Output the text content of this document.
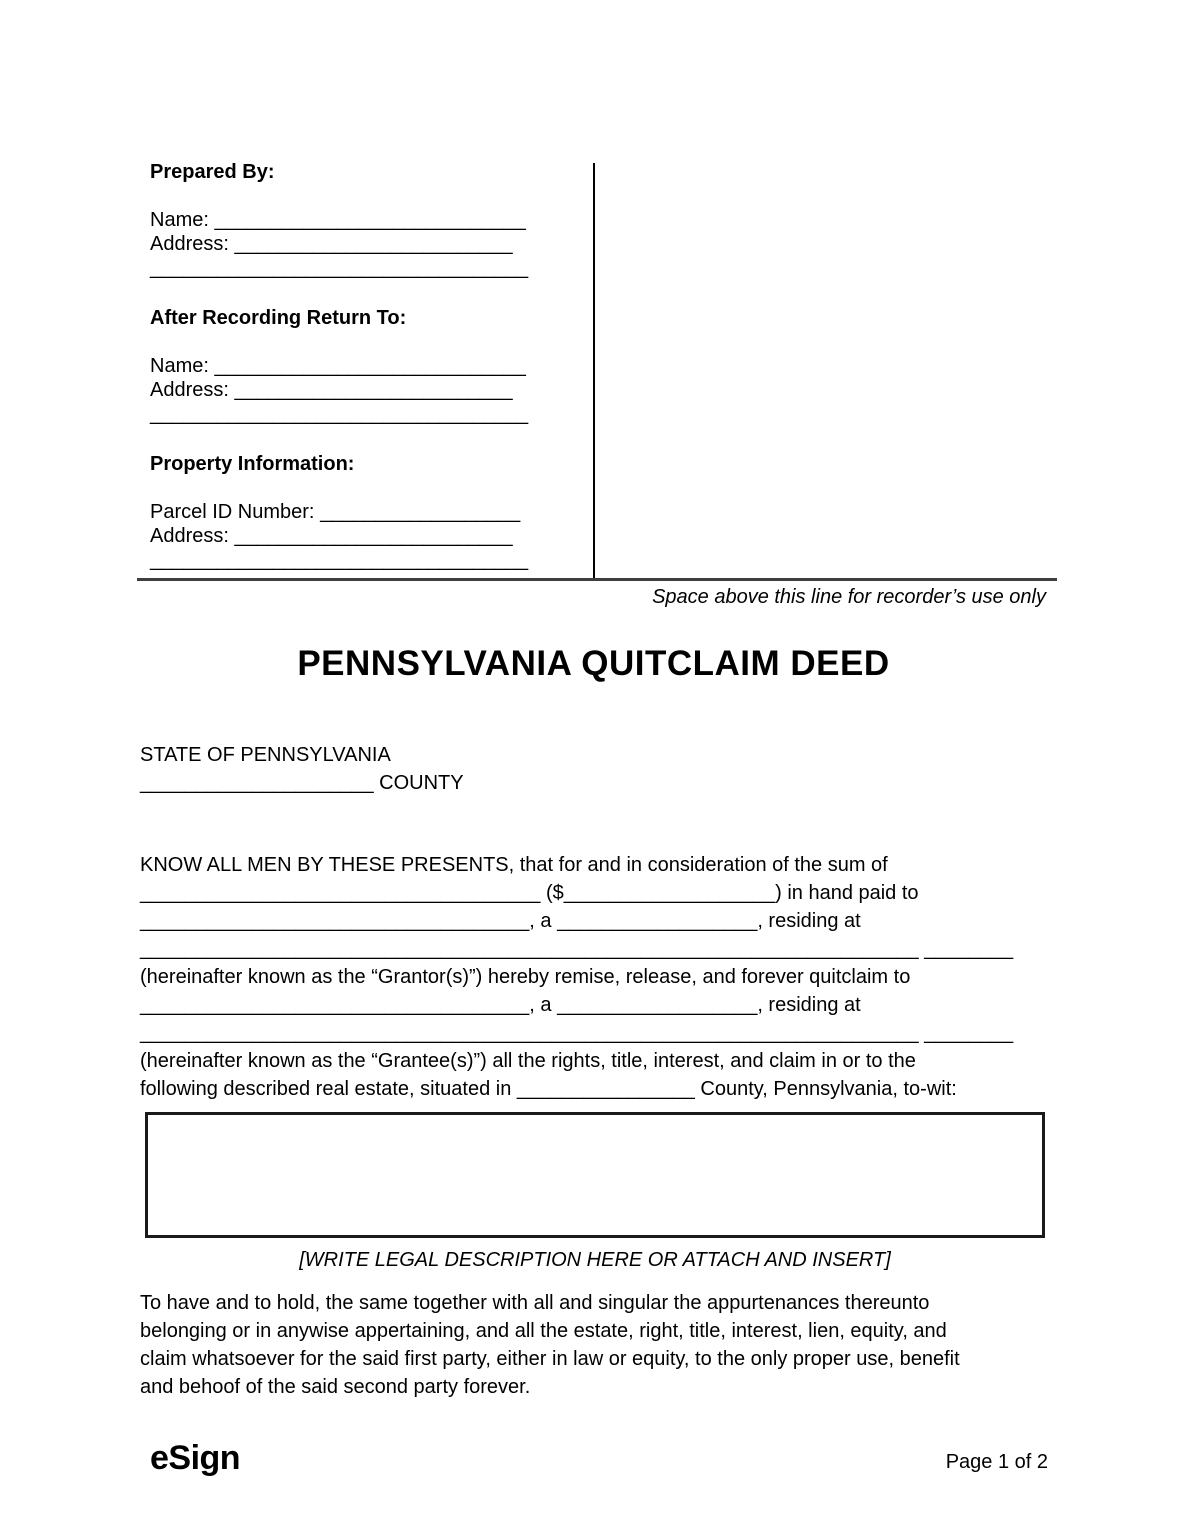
Prepared By:
Name: ____________________________
Address: _________________________
__________________________________
After Recording Return To:
Name: ____________________________
Address: _________________________
__________________________________
Property Information:
Parcel ID Number: __________________
Address: _________________________
__________________________________
Space above this line for recorder’s use only
PENNSYLVANIA QUITCLAIM DEED
STATE OF PENNSYLVANIA
_____________________ COUNTY
KNOW ALL MEN BY THESE PRESENTS, that for and in consideration of the sum of
____________________________________ ($___________________) in hand paid to
___________________________________, a __________________, residing at
______________________________________________________________________ ________
(hereinafter known as the “Grantor(s)”) hereby remise, release, and forever quitclaim to
___________________________________, a __________________, residing at
______________________________________________________________________ ________
(hereinafter known as the “Grantee(s)”) all the rights, title, interest, and claim in or to the
following described real estate, situated in ________________ County, Pennsylvania, to-wit:
[WRITE LEGAL DESCRIPTION HERE OR ATTACH AND INSERT]
To have and to hold, the same together with all and singular the appurtenances thereunto
belonging or in anywise appertaining, and all the estate, right, title, interest, lien, equity, and
claim whatsoever for the said first party, either in law or equity, to the only proper use, benefit
and behoof of the said second party forever.
eSign	Page 1 of 2
